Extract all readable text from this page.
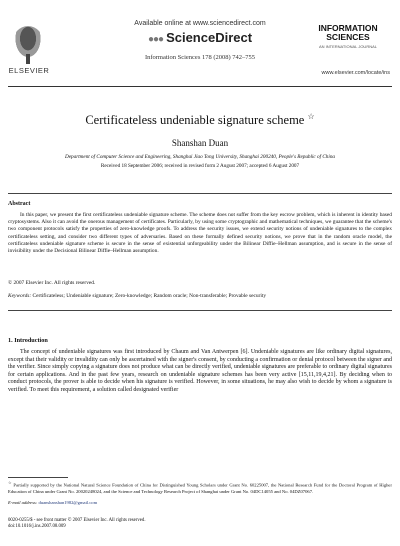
ELSEVIER
Available online at www.sciencedirect.com
●●● ScienceDirect
Information Sciences 178 (2008) 742–755
INFORMATION
SCIENCES
AN INTERNATIONAL JOURNAL
www.elsevier.com/locate/ins
Certificateless undeniable signature scheme ☆
Shanshan Duan
Department of Computer Science and Engineering, Shanghai Jiao Tong University, Shanghai 200240, People's Republic of China
Received 18 September 2006; received in revised form 2 August 2007; accepted 6 August 2007
Abstract
In this paper, we present the first certificateless undeniable signature scheme. The scheme does not suffer from the key escrow problem, which is inherent in identity based cryptosystems. Also it can avoid the onerous management of certificates. Particularly, by using some cryptographic and mathematical techniques, we guarantee that the scheme's two component protocols satisfy the properties of zero-knowledge proofs. To address the security issues, we extend security notions of undeniable signatures to the complex certificateless setting, and consider two different types of adversaries. Based on these formally defined security notions, we prove that in the random oracle model, the certificateless undeniable signature scheme is secure in the sense of existential unforgeability under the Bilinear Diffie–Hellman assumption, and is secure in the sense of invisibility under the Decisional Bilinear Diffie–Hellman assumption.
© 2007 Elsevier Inc. All rights reserved.
Keywords: Certificateless; Undeniable signature; Zero-knowledge; Random oracle; Non-transferable; Provable security
1. Introduction
The concept of undeniable signatures was first introduced by Chaum and Van Antwerpen [6]. Undeniable signatures are like ordinary digital signatures, except that their validity or invalidity can only be ascertained with the signer's consent, by conducting a confirmation or denial protocol between the signer and the verifier. Since simply copying a signature does not produce what can be directly verified, undeniable signatures are preferable to ordinary digital signatures for certain applications. And in the past few years, research on undeniable signature schemes has been very active [15,11,19,4,21]. By deciding when to conduct protocols, the prover is able to decide when his signature is verified. However, in some situations, he may also wish to decide by whom a signature is verified. To meet this requirement, a solution called designated verifier
☆ Partially supported by the National Natural Science Foundation of China for Distinguished Young Scholars under Grant No. 60225007, the National Research Fund for the Doctoral Program of Higher Education of China under Grant No. 20020248024, and the Science and Technology Research Project of Shanghai under Grant No. 04DC14055 and No. 04DZ07067.
E-mail address: duanshanshan1982@gmail.com
0020-0255/$ - see front matter © 2007 Elsevier Inc. All rights reserved.
doi:10.1016/j.ins.2007.08.009
